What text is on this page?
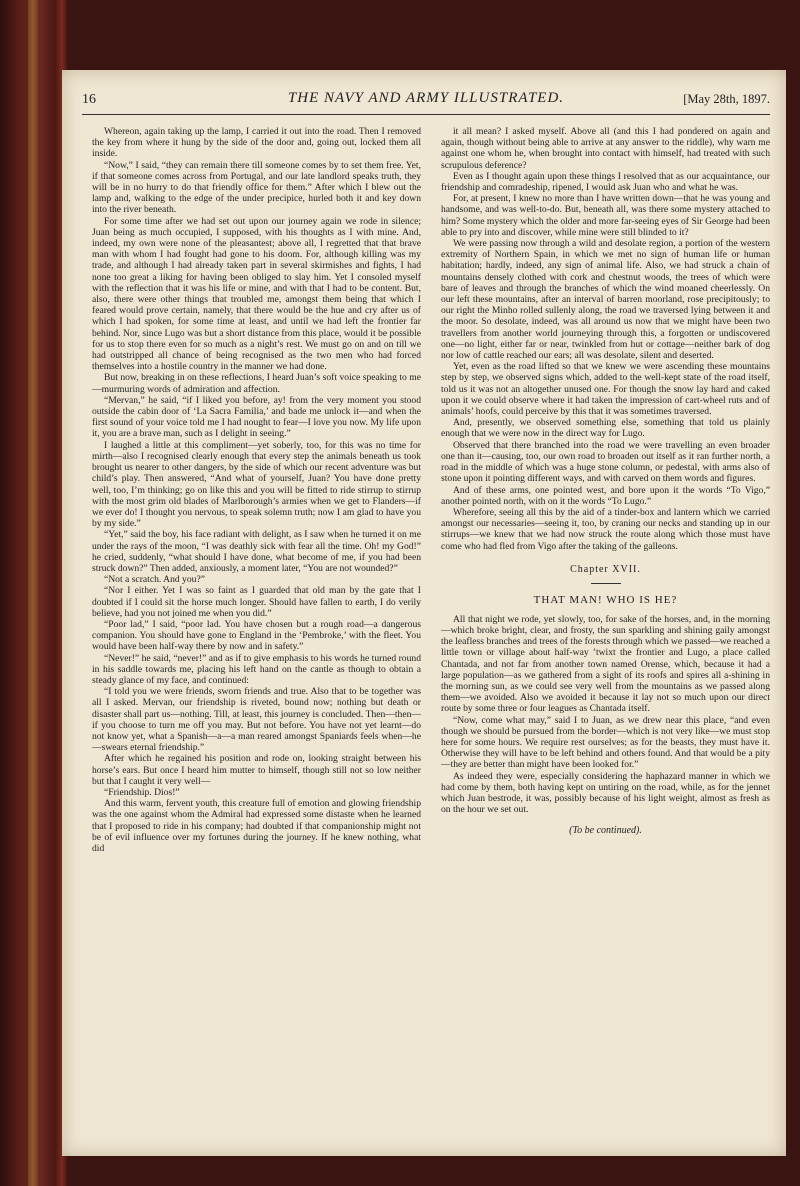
16	THE NAVY AND ARMY ILLUSTRATED.	[May 28th, 1897.

Whereon, again taking up the lamp, I carried it out into the road. Then I removed the key from where it hung by the side of the door and, going out, locked them all inside.

“Now,” I said, “they can remain there till someone comes by to set them free. Yet, if that someone comes across from Portugal, and our late landlord speaks truth, they will be in no hurry to do that friendly office for them.” After which I blew out the lamp and, walking to the edge of the under precipice, hurled both it and key down into the river beneath.

For some time after we had set out upon our journey again we rode in silence; Juan being as much occupied, I supposed, with his thoughts as I with mine. And, indeed, my own were none of the pleasantest; above all, I regretted that that brave man with whom I had fought had gone to his doom. For, although killing was my trade, and although I had already taken part in several skirmishes and fights, I had none too great a liking for having been obliged to slay him. Yet I consoled myself with the reflection that it was his life or mine, and with that I had to be content. But, also, there were other things that troubled me, amongst them being that which I feared would prove certain, namely, that there would be the hue and cry after us of which I had spoken, for some time at least, and until we had left the frontier far behind. Nor, since Lugo was but a short distance from this place, would it be possible for us to stop there even for so much as a night’s rest. We must go on and on till we had outstripped all chance of being recognised as the two men who had forced themselves into a hostile country in the manner we had done.

But now, breaking in on these reflections, I heard Juan’s soft voice speaking to me—murmuring words of admiration and affection.

“Mervan,” he said, “if I liked you before, ay! from the very moment you stood outside the cabin door of ‘La Sacra Familia,’ and bade me unlock it—and when the first sound of your voice told me I had nought to fear—I love you now. My life upon it, you are a brave man, such as I delight in seeing.”

I laughed a little at this compliment—yet soberly, too, for this was no time for mirth—also I recognised clearly enough that every step the animals beneath us took brought us nearer to other dangers, by the side of which our recent adventure was but child’s play. Then answered, “And what of yourself, Juan? You have done pretty well, too, I’m thinking; go on like this and you will be fitted to ride stirrup to stirrup with the most grim old blades of Marlborough’s armies when we get to Flanders—if we ever do! I thought you nervous, to speak solemn truth; now I am glad to have you by my side.”

“Yet,” said the boy, his face radiant with delight, as I saw when he turned it on me under the rays of the moon, “I was deathly sick with fear all the time. Oh! my God!” he cried, suddenly, “what should I have done, what become of me, if you had been struck down?” Then added, anxiously, a moment later, “You are not wounded?”

“Not a scratch. And you?”

“Nor I either. Yet I was so faint as I guarded that old man by the gate that I doubted if I could sit the horse much longer. Should have fallen to earth, I do verily believe, had you not joined me when you did.”

“Poor lad,” I said, “poor lad. You have chosen but a rough road—a dangerous companion. You should have gone to England in the ‘Pembroke,’ with the fleet. You would have been half-way there by now and in safety.”

“Never!” he said, “never!” and as if to give emphasis to his words he turned round in his saddle towards me, placing his left hand on the cantle as though to obtain a steady glance of my face, and continued:

“I told you we were friends, sworn friends and true. Also that to be together was all I asked. Mervan, our friendship is riveted, bound now; nothing but death or disaster shall part us—nothing. Till, at least, this journey is concluded. Then—then—if you choose to turn me off you may. But not before. You have not yet learnt—do not know yet, what a Spanish—a—a man reared amongst Spaniards feels when—he—swears eternal friendship.”

After which he regained his position and rode on, looking straight between his horse’s ears. But once I heard him mutter to himself, though still not so low neither but that I caught it very well—

“Friendship. Dios!”

And this warm, fervent youth, this creature full of emotion and glowing friendship was the one against whom the Admiral had expressed some distaste when he learned that I proposed to ride in his company; had doubted if that companionship might not be of evil influence over my fortunes during the journey. If he knew nothing, what did

it all mean? I asked myself. Above all (and this I had pondered on again and again, though without being able to arrive at any answer to the riddle), why warn me against one whom he, when brought into contact with himself, had treated with such scrupulous deference?

Even as I thought again upon these things I resolved that as our acquaintance, our friendship and comradeship, ripened, I would ask Juan who and what he was.

For, at present, I knew no more than I have written down—that he was young and handsome, and was well-to-do. But, beneath all, was there some mystery attached to him? Some mystery which the older and more far-seeing eyes of Sir George had been able to pry into and discover, while mine were still blinded to it?

We were passing now through a wild and desolate region, a portion of the western extremity of Northern Spain, in which we met no sign of human life or human habitation; hardly, indeed, any sign of animal life. Also, we had struck a chain of mountains densely clothed with cork and chestnut woods, the trees of which were bare of leaves and through the branches of which the wind moaned cheerlessly. On our left these mountains, after an interval of barren moorland, rose precipitously; to our right the Minho rolled sullenly along, the road we traversed lying between it and the moor. So desolate, indeed, was all around us now that we might have been two travellers from another world journeying through this, a forgotten or undiscovered one—no light, either far or near, twinkled from hut or cottage—neither bark of dog nor low of cattle reached our ears; all was desolate, silent and deserted.

Yet, even as the road lifted so that we knew we were ascending these mountains step by step, we observed signs which, added to the well-kept state of the road itself, told us it was not an altogether unused one. For though the snow lay hard and caked upon it we could observe where it had taken the impression of cart-wheel ruts and of animals’ hoofs, could perceive by this that it was sometimes traversed.

And, presently, we observed something else, something that told us plainly enough that we were now in the direct way for Lugo.

Observed that there branched into the road we were travelling an even broader one than it—causing, too, our own road to broaden out itself as it ran further north, a road in the middle of which was a huge stone column, or pedestal, with arms also of stone upon it pointing different ways, and with carved on them words and figures.

And of these arms, one pointed west, and bore upon it the words “To Vigo,” another pointed north, with on it the words “To Lugo.”

Wherefore, seeing all this by the aid of a tinder-box and lantern which we carried amongst our necessaries—seeing it, too, by craning our necks and standing up in our stirrups—we knew that we had now struck the route along which those must have come who had fled from Vigo after the taking of the galleons.

Chapter XVII.
THAT MAN! WHO IS HE?

All that night we rode, yet slowly, too, for sake of the horses, and, in the morning—which broke bright, clear, and frosty, the sun sparkling and shining gaily amongst the leafless branches and trees of the forests through which we passed—we reached a little town or village about half-way ’twixt the frontier and Lugo, a place called Chantada, and not far from another town named Orense, which, because it had a large population—as we gathered from a sight of its roofs and spires all a-shining in the morning sun, as we could see very well from the mountains as we passed along them—we avoided. Also we avoided it because it lay not so much upon our direct route by some three or four leagues as Chantada itself.

“Now, come what may,” said I to Juan, as we drew near this place, “and even though we should be pursued from the border—which is not very like—we must stop here for some hours. We require rest ourselves; as for the beasts, they must have it. Otherwise they will have to be left behind and others found. And that would be a pity—they are better than might have been looked for.”

As indeed they were, especially considering the haphazard manner in which we had come by them, both having kept on untiring on the road, while, as for the jennet which Juan bestrode, it was, possibly because of his light weight, almost as fresh as on the hour we set out.

(To be continued).
